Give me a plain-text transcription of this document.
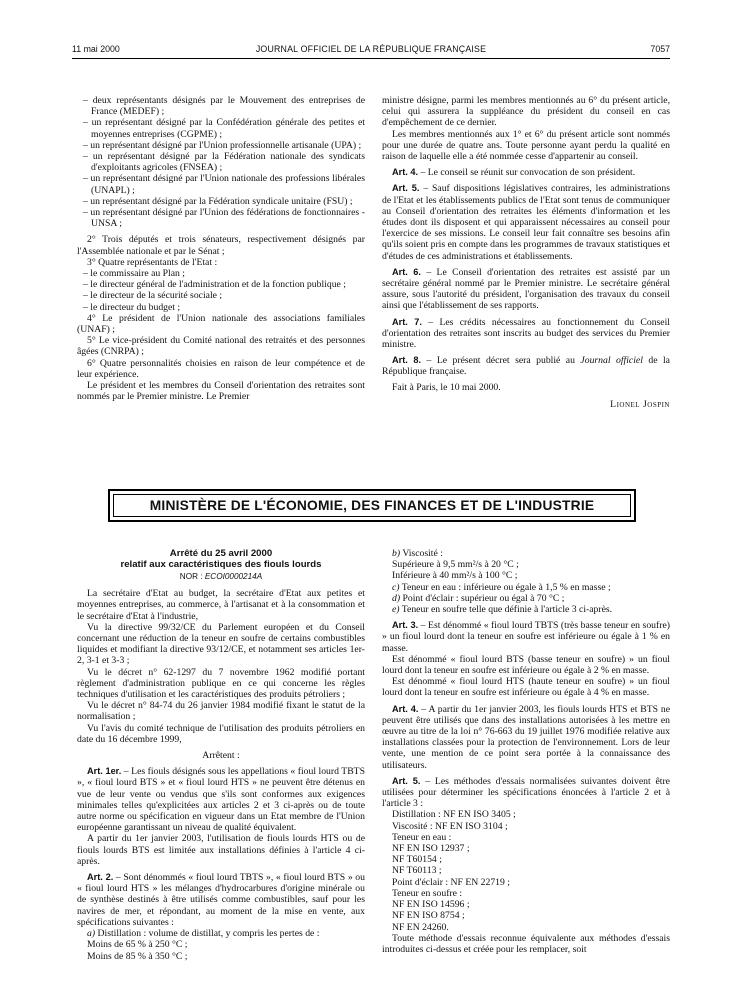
11 mai 2000	JOURNAL OFFICIEL DE LA RÉPUBLIQUE FRANÇAISE	7057

– deux représentants désignés par le Mouvement des entreprises de France (MEDEF) ;

– un représentant désigné par la Confédération générale des petites et moyennes entreprises (CGPME) ;

– un représentant désigné par l'Union professionnelle artisanale (UPA) ;

– un représentant désigné par la Fédération nationale des syndicats d'exploitants agricoles (FNSEA) ;

– un représentant désigné par l'Union nationale des professions libérales (UNAPL) ;

– un représentant désigné par la Fédération syndicale unitaire (FSU) ;

– un représentant désigné par l'Union des fédérations de fonctionnaires - UNSA ;

2° Trois députés et trois sénateurs, respectivement désignés par l'Assemblée nationale et par le Sénat ;

3° Quatre représentants de l'Etat :

– le commissaire au Plan ;

– le directeur général de l'administration et de la fonction publique ;

– le directeur de la sécurité sociale ;

– le directeur du budget ;

4° Le président de l'Union nationale des associations familiales (UNAF) ;

5° Le vice-président du Comité national des retraités et des personnes âgées (CNRPA) ;

6° Quatre personnalités choisies en raison de leur compétence et de leur expérience.

Le président et les membres du Conseil d'orientation des retraites sont nommés par le Premier ministre. Le Premier

ministre désigne, parmi les membres mentionnés au 6° du présent article, celui qui assurera la suppléance du président du conseil en cas d'empêchement de ce dernier.

Les membres mentionnés aux 1° et 6° du présent article sont nommés pour une durée de quatre ans. Toute personne ayant perdu la qualité en raison de laquelle elle a été nommée cesse d'appartenir au conseil.

Art. 4. – Le conseil se réunit sur convocation de son président.

Art. 5. – Sauf dispositions législatives contraires, les administrations de l'Etat et les établissements publics de l'Etat sont tenus de communiquer au Conseil d'orientation des retraites les éléments d'information et les études dont ils disposent et qui apparaissent nécessaires au conseil pour l'exercice de ses missions. Le conseil leur fait connaître ses besoins afin qu'ils soient pris en compte dans les programmes de travaux statistiques et d'études de ces administrations et établissements.

Art. 6. – Le Conseil d'orientation des retraites est assisté par un secrétaire général nommé par le Premier ministre. Le secrétaire général assure, sous l'autorité du président, l'organisation des travaux du conseil ainsi que l'établissement de ses rapports.

Art. 7. – Les crédits nécessaires au fonctionnement du Conseil d'orientation des retraites sont inscrits au budget des services du Premier ministre.

Art. 8. – Le présent décret sera publié au Journal officiel de la République française.

Fait à Paris, le 10 mai 2000.

Lionel Jospin

MINISTÈRE DE L'ÉCONOMIE, DES FINANCES ET DE L'INDUSTRIE
Arrêté du 25 avril 2000
relatif aux caractéristiques des fiouls lourds
NOR : ECOI0000214A

La secrétaire d'Etat au budget, la secrétaire d'Etat aux petites et moyennes entreprises, au commerce, à l'artisanat et à la consommation et le secrétaire d'Etat à l'industrie,

Vu la directive 99/32/CE du Parlement européen et du Conseil concernant une réduction de la teneur en soufre de certains combustibles liquides et modifiant la directive 93/12/CE, et notamment ses articles 1er-2, 3-1 et 3-3 ;

Vu le décret n° 62-1297 du 7 novembre 1962 modifié portant règlement d'administration publique en ce qui concerne les règles techniques d'utilisation et les caractéristiques des produits pétroliers ;

Vu le décret n° 84-74 du 26 janvier 1984 modifié fixant le statut de la normalisation ;

Vu l'avis du comité technique de l'utilisation des produits pétroliers en date du 16 décembre 1999,

Arrêtent :

Art. 1er. – Les fiouls désignés sous les appellations « fioul lourd TBTS », « fioul lourd BTS » et « fioul lourd HTS » ne peuvent être détenus en vue de leur vente ou vendus que s'ils sont conformes aux exigences minimales telles qu'explicitées aux articles 2 et 3 ci-après ou de toute autre norme ou spécification en vigueur dans un Etat membre de l'Union européenne garantissant un niveau de qualité équivalent.

A partir du 1er janvier 2003, l'utilisation de fiouls lourds HTS ou de fiouls lourds BTS est limitée aux installations définies à l'article 4 ci-après.

Art. 2. – Sont dénommés « fioul lourd TBTS », « fioul lourd BTS » ou « fioul lourd HTS » les mélanges d'hydrocarbures d'origine minérale ou de synthèse destinés à être utilisés comme combustibles, sauf pour les navires de mer, et répondant, au moment de la mise en vente, aux spécifications suivantes :

a) Distillation : volume de distillat, y compris les pertes de :

Moins de 65 % à 250 °C ;

Moins de 85 % à 350 °C ;

b) Viscosité :

Supérieure à 9,5 mm²/s à 20 °C ;

Inférieure à 40 mm²/s à 100 °C ;

c) Teneur en eau : inférieure ou égale à 1,5 % en masse ;

d) Point d'éclair : supérieur ou égal à 70 °C ;

e) Teneur en soufre telle que définie à l'article 3 ci-après.

Art. 3. – Est dénommé « fioul lourd TBTS (très basse teneur en soufre) » un fioul lourd dont la teneur en soufre est inférieure ou égale à 1 % en masse.

Est dénommé « fioul lourd BTS (basse teneur en soufre) » un fioul lourd dont la teneur en soufre est inférieure ou égale à 2 % en masse.

Est dénommé « fioul lourd HTS (haute teneur en soufre) » un fioul lourd dont la teneur en soufre est inférieure ou égale à 4 % en masse.

Art. 4. – A partir du 1er janvier 2003, les fiouls lourds HTS et BTS ne peuvent être utilisés que dans des installations autorisées à les mettre en œuvre au titre de la loi n° 76-663 du 19 juillet 1976 modifiée relative aux installations classées pour la protection de l'environnement. Lors de leur vente, une mention de ce point sera portée à la connaissance des utilisateurs.

Art. 5. – Les méthodes d'essais normalisées suivantes doivent être utilisées pour déterminer les spécifications énoncées à l'article 2 et à l'article 3 :

Distillation : NF EN ISO 3405 ;

Viscosité : NF EN ISO 3104 ;

Teneur en eau :

NF EN ISO 12937 ;

NF T60154 ;

NF T60113 ;

Point d'éclair : NF EN 22719 ;

Teneur en soufre :

NF EN ISO 14596 ;

NF EN ISO 8754 ;

NF EN 24260.

Toute méthode d'essais reconnue équivalente aux méthodes d'essais introduites ci-dessus et créée pour les remplacer, soit
